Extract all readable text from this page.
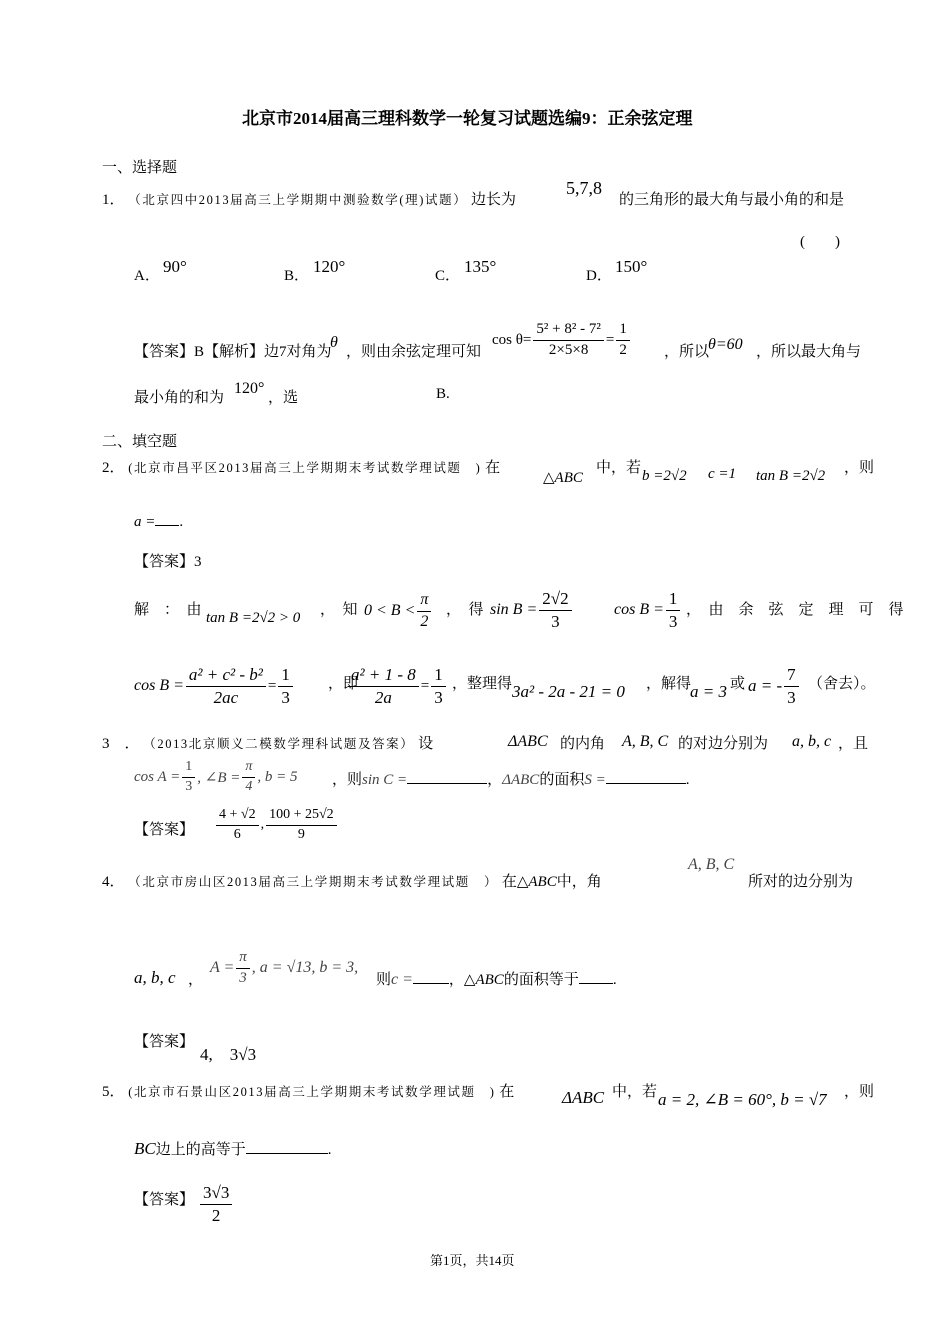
北京市2014届高三理科数学一轮复习试题选编9：正余弦定理
一、选择题
1． （北京四中2013届高三上学期期中测验数学(理)试题） 边长为
5,7,8
的三角形的最大角与最小角的和是
(　　)
A． 90°	B． 120°	C． 135°	D． 150°
【答案】B【解析】边7对角为
θ
，则由余弦定理可知
$\cos \theta= \frac{\text{5² + 8² - 7²}}{2\times 5\times 8} = \frac{1}{2}$ ，所以
θ=60 ，所以最大角与
最小角的和为
120°
，选	B.
二、填空题
2． (北京市昌平区2013届高三上学期期末考试数学理试题　) 在
△ABC
中，若 b =2√2 c =1 tan B =2√2 ，则
a = .
【答案】3
解　：　由 tan B =2√2 > 0 ，　知 $0 < B < \frac{\pi}{2}$ ，　得 $\sin B = \frac{2√2}{3}$	$\cos B = \frac{1}{3}$ ，　由　余　弦　定　理　可　得
$\cos B = \frac{\text{a² + c² - b²}}{2ac} = \frac{1}{3}$ ，即
$\frac{\text{a² + 1 - 8}}{2a} = \frac{1}{3}$ ，整理得 3a² - 2a - 21 = 0 ，解得
a = 3 或 a = - $\frac{7}{3}$ （舍去）。
3　． （2013北京顺义二模数学理科试题及答案） 设	ΔABC 的内角 A, B, C 的对边分别为 a, b, c ，且
$\cos A = \frac{1}{3}$ , ∠B = $\frac{\pi}{4}$ , b = 5 ，则sin C =	，ΔABC的面积S =	.
【答案】 $\frac{4 + √2}{6}$ , $\frac{100 + 25√2}{9}$
4． （北京市房山区2013届高三上学期期末考试数学理试题　） 在△ABC中，角
A, B, C
所对的边分别为
a, b, c ，
$A = \frac{\pi}{3}$ , a = √13, b = 3,
则c = ，△ABC的面积等于 .
【答案】
4,　3√3
5． (北京市石景山区2013届高三上学期期末考试数学理试题　) 在	ΔABC 中，若 a = 2, ∠B = 60°, b = √7 ，则
BC边上的高等于	.
【答案】 $\frac{3√3}{2}$
第1页，共14页
